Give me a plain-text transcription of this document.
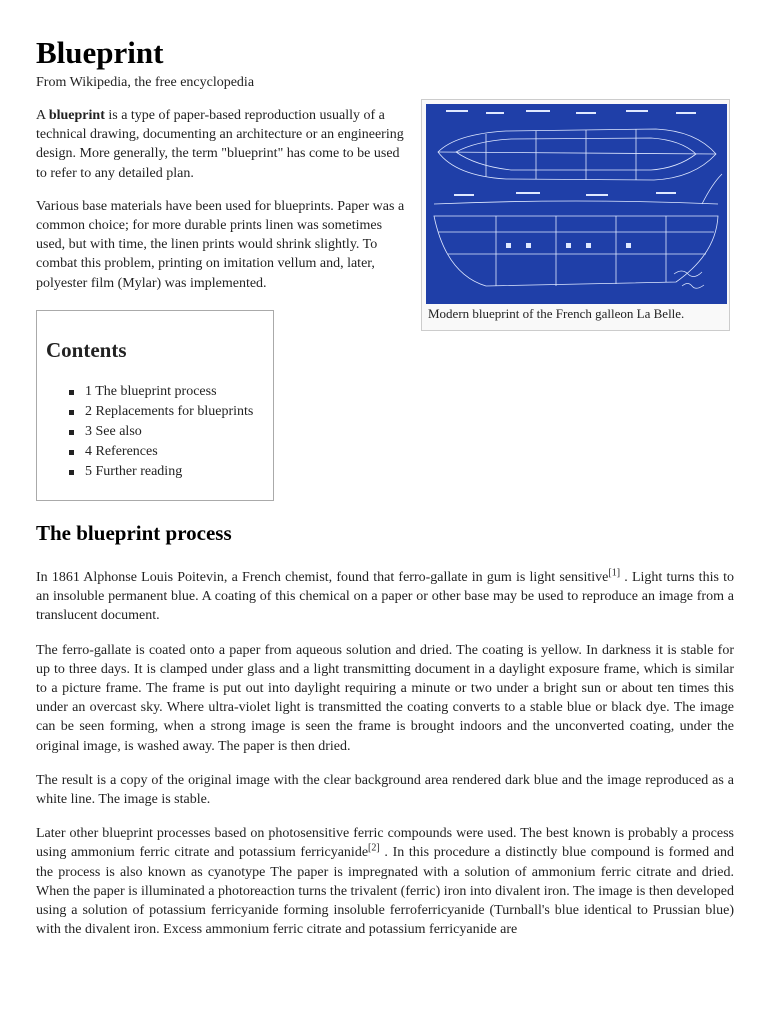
Blueprint
From Wikipedia, the free encyclopedia

A blueprint is a type of paper-based reproduction usually of a technical drawing, documenting an architecture or an engineering design. More generally, the term "blueprint" has come to be used to refer to any detailed plan.

Various base materials have been used for blueprints. Paper was a common choice; for more durable prints linen was sometimes used, but with time, the linen prints would shrink slightly. To combat this problem, printing on imitation vellum and, later, polyester film (Mylar) was implemented.

Modern blueprint of the French galleon La Belle.
Contents
1 The blueprint process
2 Replacements for blueprints
3 See also
4 References
5 Further reading
The blueprint process

In 1861 Alphonse Louis Poitevin, a French chemist, found that ferro-gallate in gum is light sensitive[1] . Light turns this to an insoluble permanent blue. A coating of this chemical on a paper or other base may be used to reproduce an image from a translucent document.

The ferro-gallate is coated onto a paper from aqueous solution and dried. The coating is yellow. In darkness it is stable for up to three days. It is clamped under glass and a light transmitting document in a daylight exposure frame, which is similar to a picture frame. The frame is put out into daylight requiring a minute or two under a bright sun or about ten times this under an overcast sky. Where ultra-violet light is transmitted the coating converts to a stable blue or black dye. The image can be seen forming, when a strong image is seen the frame is brought indoors and the unconverted coating, under the original image, is washed away. The paper is then dried.

The result is a copy of the original image with the clear background area rendered dark blue and the image reproduced as a white line. The image is stable.

Later other blueprint processes based on photosensitive ferric compounds were used. The best known is probably a process using ammonium ferric citrate and potassium ferricyanide[2] . In this procedure a distinctly blue compound is formed and the process is also known as cyanotype The paper is impregnated with a solution of ammonium ferric citrate and dried. When the paper is illuminated a photoreaction turns the trivalent (ferric) iron into divalent iron. The image is then developed using a solution of potassium ferricyanide forming insoluble ferroferricyanide (Turnball's blue identical to Prussian blue) with the divalent iron. Excess ammonium ferric citrate and potassium ferricyanide are
